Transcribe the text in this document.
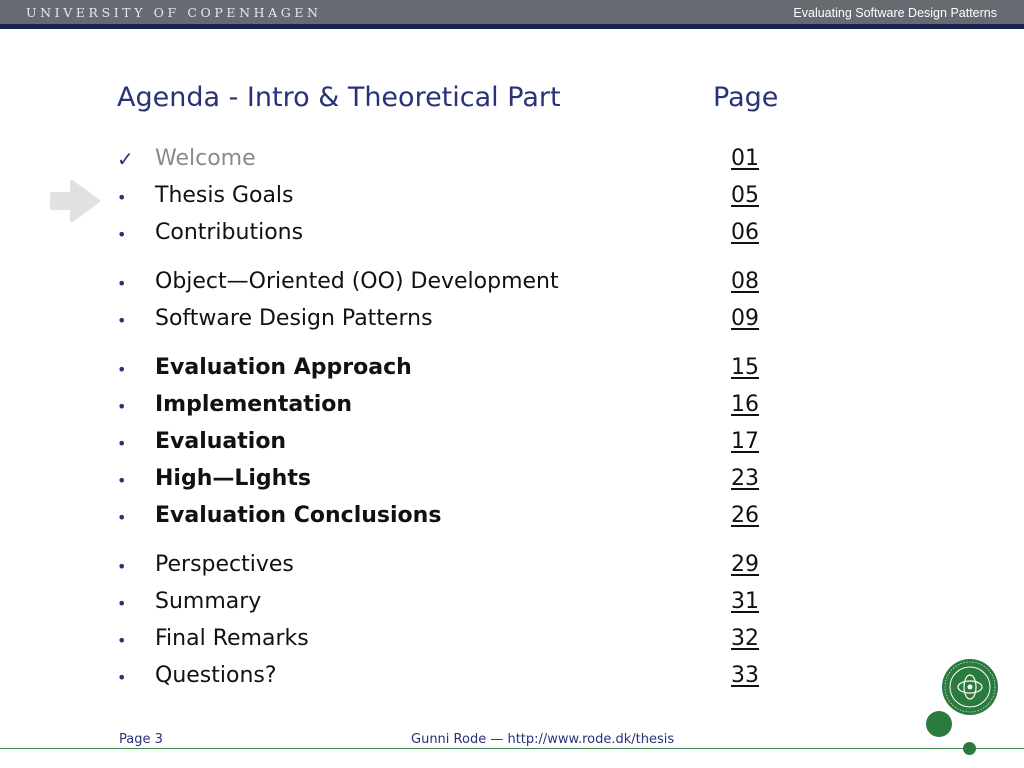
UNIVERSITY OF COPENHAGEN	Evaluating Software Design Patterns
Agenda - Intro & Theoretical Part	Page
✓ Welcome	01
• Thesis Goals	05
• Contributions	06
• Object—Oriented (OO) Development	08
• Software Design Patterns	09
• Evaluation Approach	15
• Implementation	16
• Evaluation	17
• High—Lights	23
• Evaluation Conclusions	26
• Perspectives	29
• Summary	31
• Final Remarks	32
• Questions?	33
Page 3	Gunni Rode — http://www.rode.dk/thesis
